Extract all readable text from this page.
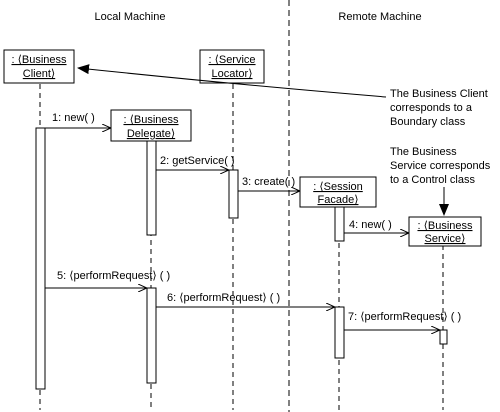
Local Machine	Remote Machine
: ⟨Business
Client⟩
: ⟨Service
Locator⟩
: ⟨Business
Delegate⟩
: ⟨Session
Facade⟩
: ⟨Business
Service⟩
1: new( )
2: getService( )
3: create( )
4: new( )
5: ⟨performRequest⟩ ( )
6: ⟨performRequest⟩ ( )
7: ⟨performRequest⟩ ( )
The Business Client
corresponds to a
Boundary class
The Business
Service corresponds
to a Control class
